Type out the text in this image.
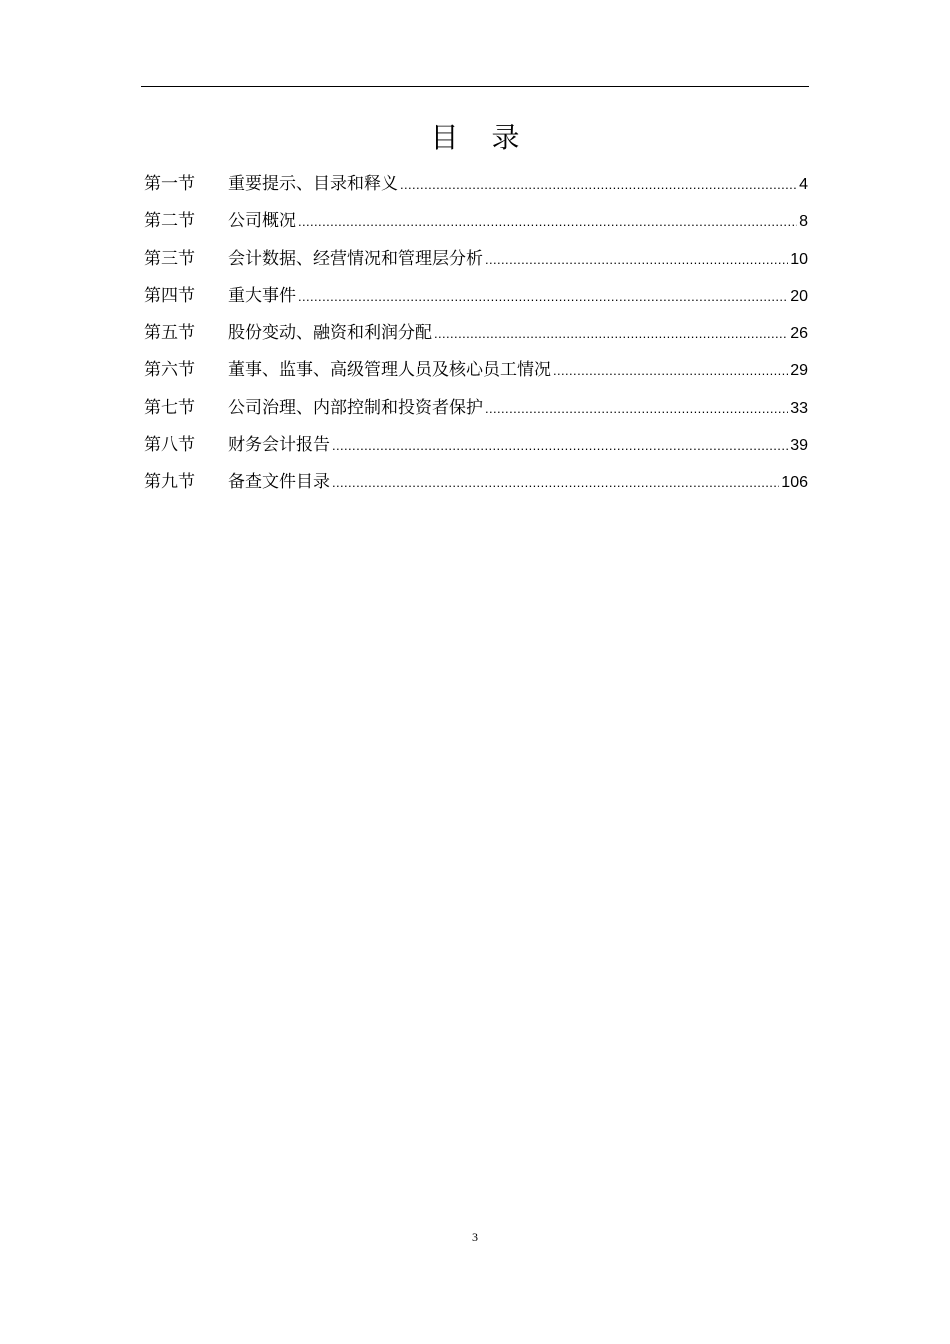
目 录
第一节	重要提示、目录和释义 .....	4
第二节	公司概况 .....	8
第三节	会计数据、经营情况和管理层分析 .....	10
第四节	重大事件 .....	20
第五节	股份变动、融资和利润分配 .....	26
第六节	董事、监事、高级管理人员及核心员工情况 .....	29
第七节	公司治理、内部控制和投资者保护 .....	33
第八节	财务会计报告 .....	39
第九节	备查文件目录 .....	106
3
